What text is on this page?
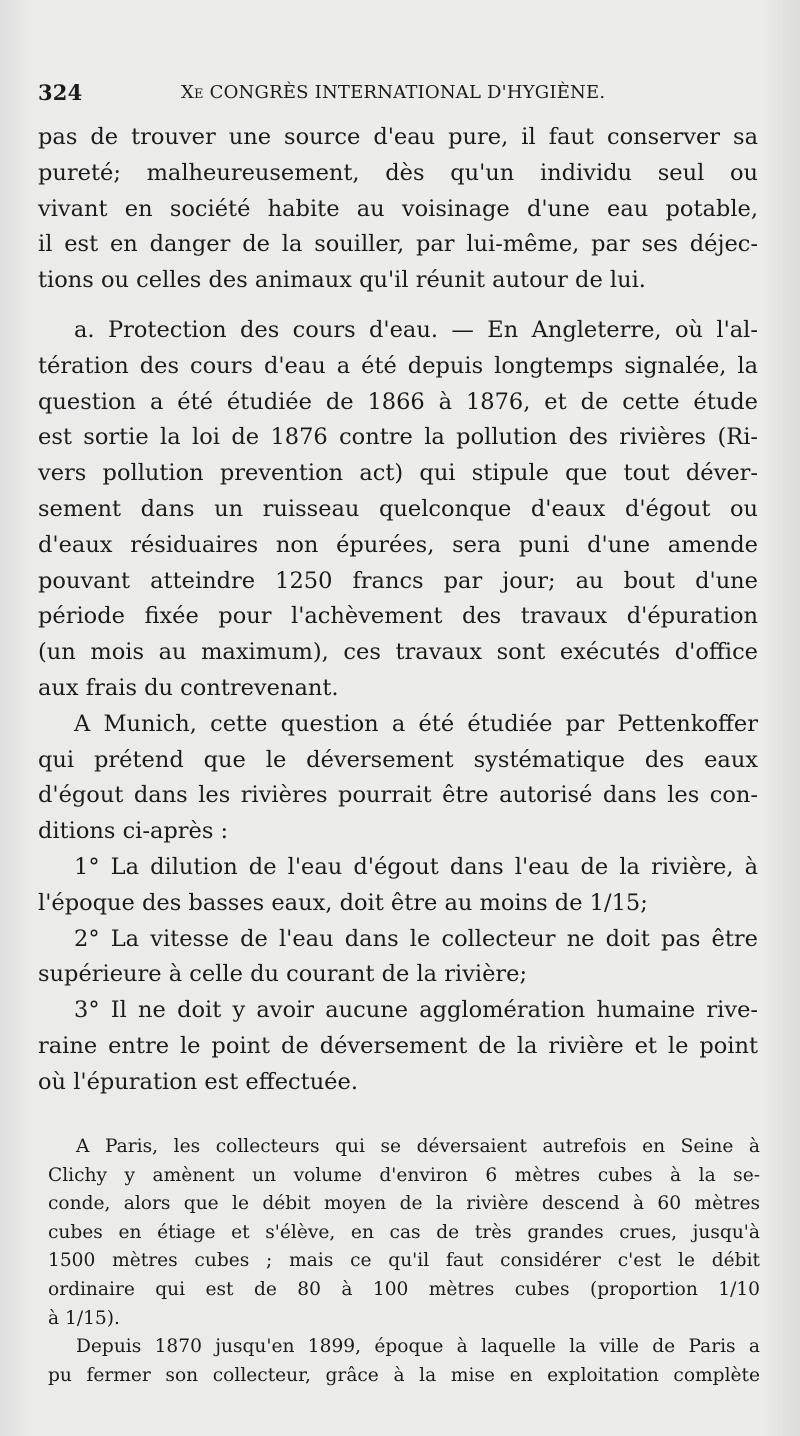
324	Xe CONGRÈS INTERNATIONAL D'HYGIÈNE.
pas de trouver une source d'eau pure, il faut conserver sa
pureté; malheureusement, dès qu'un individu seul ou
vivant en société habite au voisinage d'une eau potable,
il est en danger de la souiller, par lui-même, par ses déjec-
tions ou celles des animaux qu'il réunit autour de lui.
a. Protection des cours d'eau. — En Angleterre, où l'al-
tération des cours d'eau a été depuis longtemps signalée, la
question a été étudiée de 1866 à 1876, et de cette étude
est sortie la loi de 1876 contre la pollution des rivières (Ri-
vers pollution prevention act) qui stipule que tout déver-
sement dans un ruisseau quelconque d'eaux d'égout ou
d'eaux résiduaires non épurées, sera puni d'une amende
pouvant atteindre 1250 francs par jour; au bout d'une
période fixée pour l'achèvement des travaux d'épuration
(un mois au maximum), ces travaux sont exécutés d'office
aux frais du contrevenant.
A Munich, cette question a été étudiée par Pettenkoffer
qui prétend que le déversement systématique des eaux
d'égout dans les rivières pourrait être autorisé dans les con-
ditions ci-après :
1° La dilution de l'eau d'égout dans l'eau de la rivière, à
l'époque des basses eaux, doit être au moins de 1/15;
2° La vitesse de l'eau dans le collecteur ne doit pas être
supérieure à celle du courant de la rivière;
3° Il ne doit y avoir aucune agglomération humaine rive-
raine entre le point de déversement de la rivière et le point
où l'épuration est effectuée.
A Paris, les collecteurs qui se déversaient autrefois en Seine à
Clichy y amènent un volume d'environ 6 mètres cubes à la se-
conde, alors que le débit moyen de la rivière descend à 60 mètres
cubes en étiage et s'élève, en cas de très grandes crues, jusqu'à
1500 mètres cubes ; mais ce qu'il faut considérer c'est le débit
ordinaire qui est de 80 à 100 mètres cubes (proportion 1/10
à 1/15).
Depuis 1870 jusqu'en 1899, époque à laquelle la ville de Paris a
pu fermer son collecteur, grâce à la mise en exploitation complète
